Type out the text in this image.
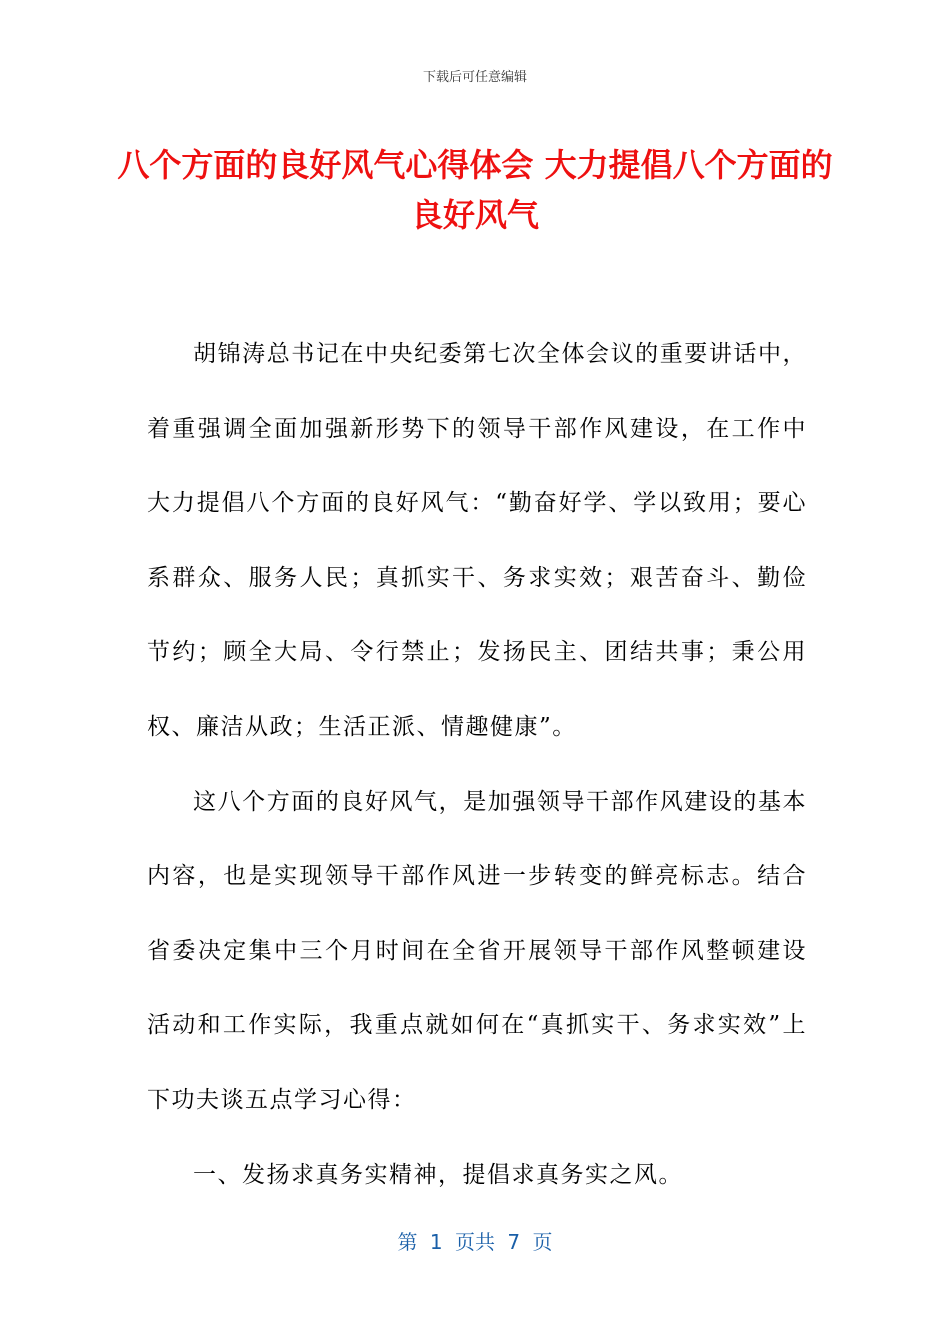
下载后可任意编辑
八个方面的良好风气心得体会 大力提倡八个方面的良好风气

胡锦涛总书记在中央纪委第七次全体会议的重要讲话中，着重强调全面加强新形势下的领导干部作风建设，在工作中大力提倡八个方面的良好风气：“勤奋好学、学以致用；要心系群众、服务人民；真抓实干、务求实效；艰苦奋斗、勤俭节约；顾全大局、令行禁止；发扬民主、团结共事；秉公用权、廉洁从政；生活正派、情趣健康”。

这八个方面的良好风气，是加强领导干部作风建设的基本内容，也是实现领导干部作风进一步转变的鲜亮标志。结合省委决定集中三个月时间在全省开展领导干部作风整顿建设活动和工作实际，我重点就如何在“真抓实干、务求实效”上下功夫谈五点学习心得：

一、发扬求真务实精神，提倡求真务实之风。

第 1 页共 7 页
